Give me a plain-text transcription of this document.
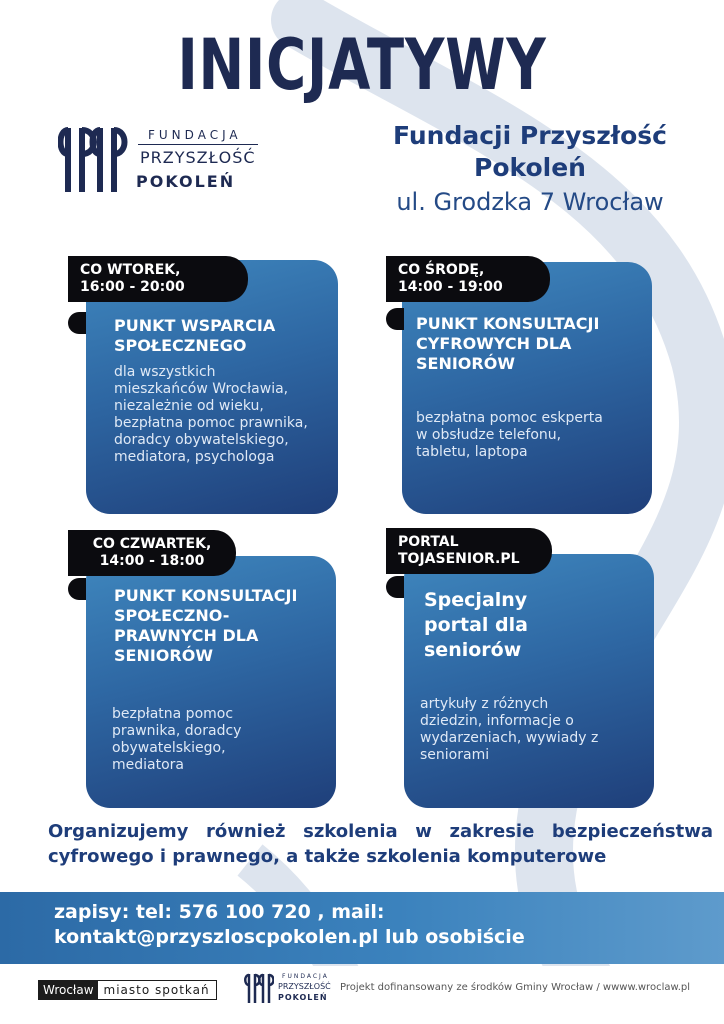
INICJATYWY
FUNDACJA
PRZYSZŁOŚĆ
POKOLEŃ
Fundacji Przyszłość
Pokoleń
ul. Grodzka 7 Wrocław
CO WTOREK,
16:00 - 20:00
PUNKT WSPARCIA SPOŁECZNEGO
dla wszystkich mieszkańców Wrocławia, niezależnie od wieku, bezpłatna pomoc prawnika, doradcy obywatelskiego, mediatora, psychologa
CO ŚRODĘ,
14:00 - 19:00
PUNKT KONSULTACJI CYFROWYCH DLA SENIORÓW
bezpłatna pomoc eskperta w obsłudze telefonu, tabletu, laptopa
CO CZWARTEK,
14:00 - 18:00
PUNKT KONSULTACJI SPOŁECZNO-PRAWNYCH DLA SENIORÓW
bezpłatna pomoc prawnika, doradcy obywatelskiego, mediatora
PORTAL
TOJASENIOR.PL
Specjalny portal dla seniorów
artykuły z różnych dziedzin, informacje o wydarzeniach, wywiady z seniorami
Organizujemy również szkolenia w zakresie bezpieczeństwa cyfrowego i prawnego, a także szkolenia komputerowe
zapisy: tel: 576 100 720 , mail:
kontakt@przyszloscpokolen.pl lub osobiście
Wrocław miasto spotkań
FUNDACJA
PRZYSZŁOŚĆ
POKOLEŃ
Projekt dofinansowany ze środków Gminy Wrocław / wwww.wroclaw.pl
